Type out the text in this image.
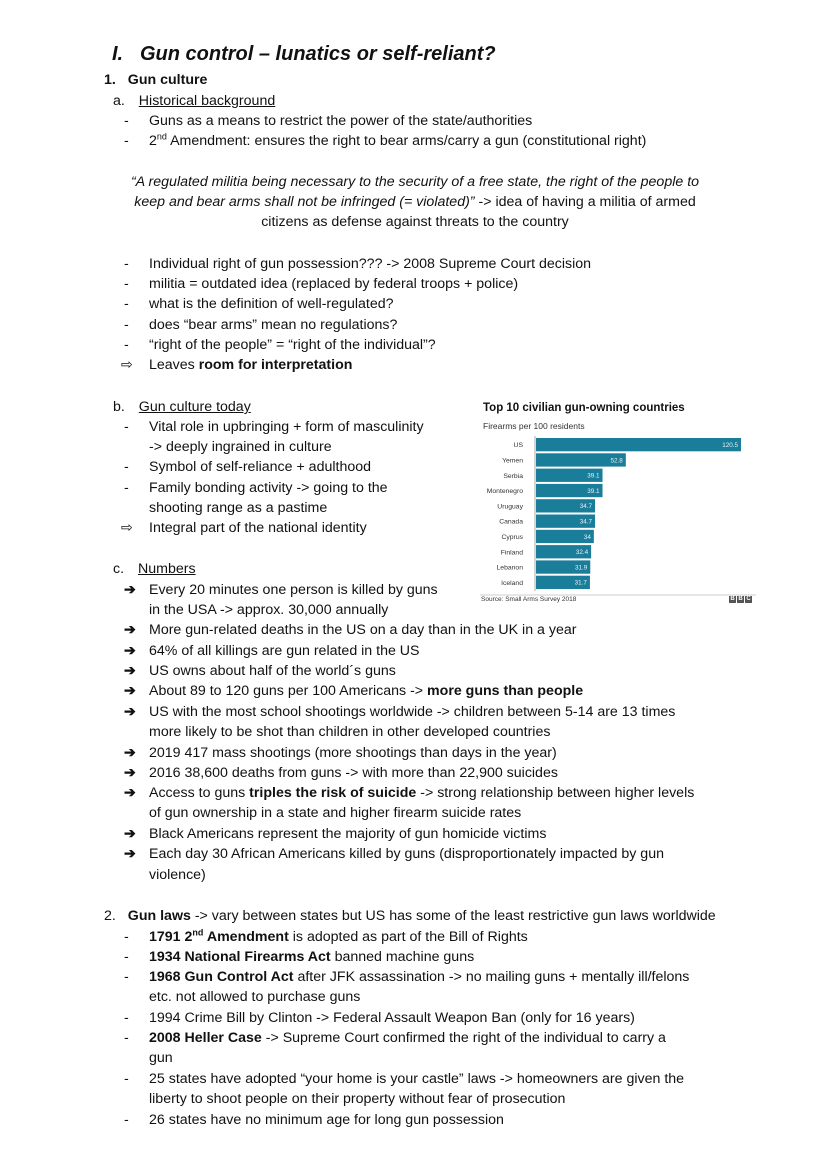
I. Gun control – lunatics or self-reliant?
1. Gun culture
a. Historical background
-	Guns as a means to restrict the power of the state/authorities
-	2nd Amendment: ensures the right to bear arms/carry a gun (constitutional right)
“A regulated militia being necessary to the security of a free state, the right of the people to
keep and bear arms shall not be infringed (= violated)” -> idea of having a militia of armed
citizens as defense against threats to the country
-	Individual right of gun possession??? -> 2008 Supreme Court decision
-	militia = outdated idea (replaced by federal troops + police)
-	what is the definition of well-regulated?
-	does “bear arms” mean no regulations?
-	“right of the people” = “right of the individual”?
⇨	Leaves room for interpretation
b. Gun culture today
-	Vital role in upbringing + form of masculinity
-> deeply ingrained in culture
-	Symbol of self-reliance + adulthood
-	Family bonding activity -> going to the
shooting range as a pastime
⇨	Integral part of the national identity
Top 10 civilian gun-owning countries
Firearms per 100 residents
US	120.5
Yemen	52.8
Serbia	39.1
Montenegro	39.1
Uruguay	34.7
Canada	34.7
Cyprus	34
Finland	32.4
Lebanon	31.9
Iceland	31.7
Source: Small Arms Survey 2018	B B C
c. Numbers
➔ Every 20 minutes one person is killed by guns
in the USA -> approx. 30,000 annually
➔ More gun-related deaths in the US on a day than in the UK in a year
➔ 64% of all killings are gun related in the US
➔ US owns about half of the world´s guns
➔ About 89 to 120 guns per 100 Americans -> more guns than people
➔ US with the most school shootings worldwide -> children between 5-14 are 13 times
more likely to be shot than children in other developed countries
➔ 2019 417 mass shootings (more shootings than days in the year)
➔ 2016 38,600 deaths from guns -> with more than 22,900 suicides
➔ Access to guns triples the risk of suicide -> strong relationship between higher levels
of gun ownership in a state and higher firearm suicide rates
➔ Black Americans represent the majority of gun homicide victims
➔ Each day 30 African Americans killed by guns (disproportionately impacted by gun
violence)
2. Gun laws -> vary between states but US has some of the least restrictive gun laws worldwide
-	1791 2nd Amendment is adopted as part of the Bill of Rights
-	1934 National Firearms Act banned machine guns
-	1968 Gun Control Act after JFK assassination -> no mailing guns + mentally ill/felons
etc. not allowed to purchase guns
-	1994 Crime Bill by Clinton -> Federal Assault Weapon Ban (only for 16 years)
-	2008 Heller Case -> Supreme Court confirmed the right of the individual to carry a
gun
-	25 states have adopted “your home is your castle” laws -> homeowners are given the
liberty to shoot people on their property without fear of prosecution
-	26 states have no minimum age for long gun possession
